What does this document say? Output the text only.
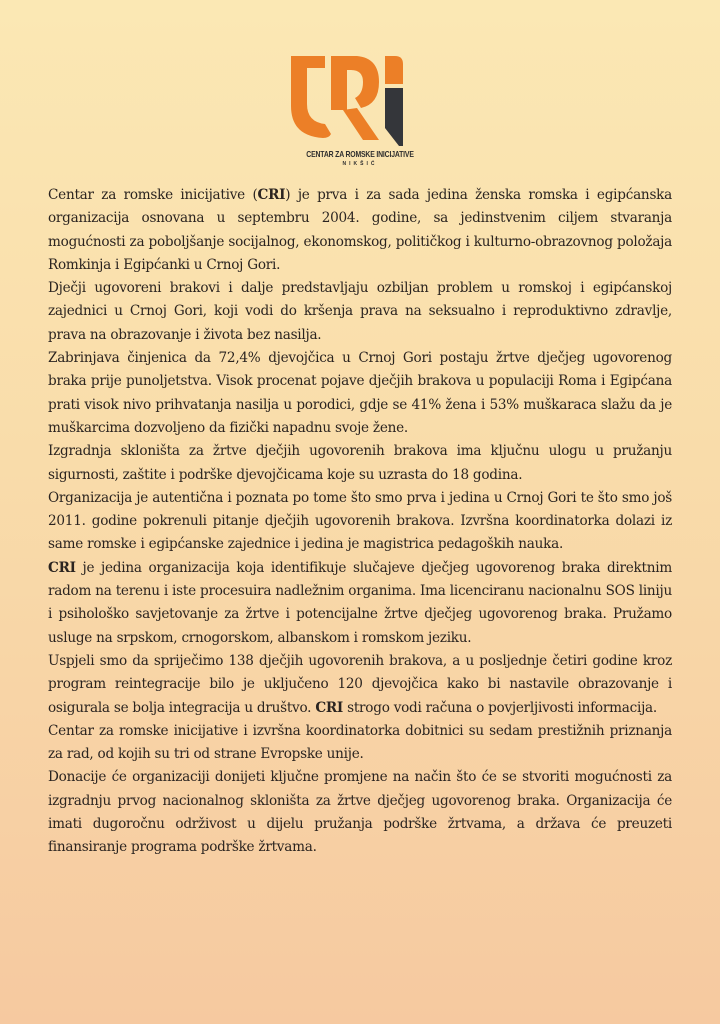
CENTAR ZA ROMSKE INICIJATIVE
NIKŠIĆ

Centar za romske inicijative (CRI) je prva i za sada jedina ženska romska i egipćanska organizacija osnovana u septembru 2004. godine, sa jedinstvenim ciljem stvaranja mogućnosti za poboljšanje socijalnog, ekonomskog, političkog i kulturno-obrazovnog položaja Romkinja i Egipćanki u Crnoj Gori.

Dječji ugovoreni brakovi i dalje predstavljaju ozbiljan problem u romskoj i egipćanskoj zajednici u Crnoj Gori, koji vodi do kršenja prava na seksualno i reproduktivno zdravlje, prava na obrazovanje i života bez nasilja.

Zabrinjava činjenica da 72,4% djevojčica u Crnoj Gori postaju žrtve dječjeg ugovorenog braka prije punoljetstva. Visok procenat pojave dječjih brakova u populaciji Roma i Egipćana prati visok nivo prihvatanja nasilja u porodici, gdje se 41% žena i 53% muškaraca slažu da je muškarcima dozvoljeno da fizički napadnu svoje žene.

Izgradnja skloništa za žrtve dječjih ugovorenih brakova ima ključnu ulogu u pružanju sigurnosti, zaštite i podrške djevojčicama koje su uzrasta do 18 godina.

Organizacija je autentična i poznata po tome što smo prva i jedina u Crnoj Gori te što smo još 2011. godine pokrenuli pitanje dječjih ugovorenih brakova. Izvršna koordinatorka dolazi iz same romske i egipćanske zajednice i jedina je magistrica pedagoških nauka.

CRI je jedina organizacija koja identifikuje slučajeve dječjeg ugovorenog braka direktnim radom na terenu i iste procesuira nadležnim organima. Ima licenciranu nacionalnu SOS liniju i psihološko savjetovanje za žrtve i potencijalne žrtve dječjeg ugovorenog braka. Pružamo usluge na srpskom, crnogorskom, albanskom i romskom jeziku.

Uspjeli smo da spriječimo 138 dječjih ugovorenih brakova, a u posljednje četiri godine kroz program reintegracije bilo je uključeno 120 djevojčica kako bi nastavile obrazovanje i osigurala se bolja integracija u društvo. CRI strogo vodi računa o povjerljivosti informacija.

Centar za romske inicijative i izvršna koordinatorka dobitnici su sedam prestižnih priznanja za rad, od kojih su tri od strane Evropske unije.

Donacije će organizaciji donijeti ključne promjene na način što će se stvoriti mogućnosti za izgradnju prvog nacionalnog skloništa za žrtve dječjeg ugovorenog braka. Organizacija će imati dugoročnu održivost u dijelu pružanja podrške žrtvama, a država će preuzeti finansiranje programa podrške žrtvama.
